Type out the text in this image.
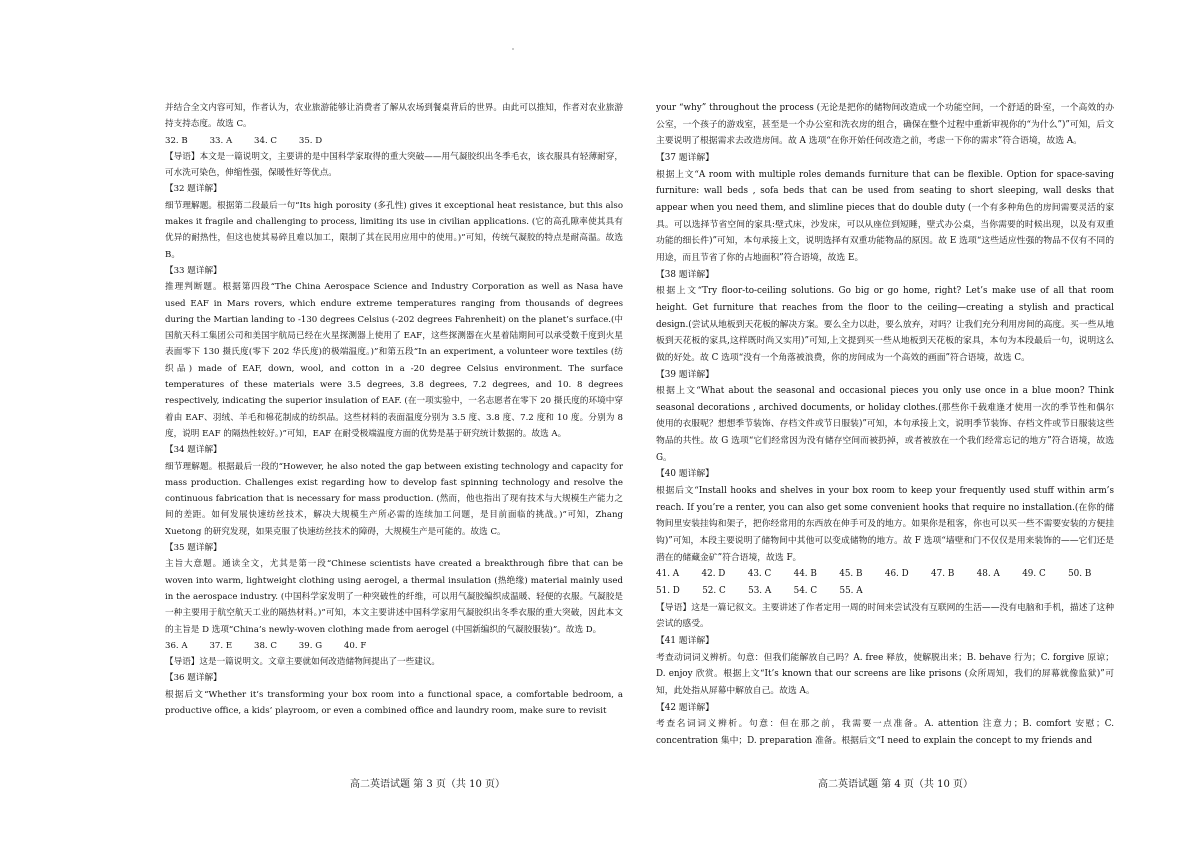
并结合全文内容可知，作者认为，农业旅游能够让消费者了解从农场到餐桌背后的世界。由此可以推知，作者对农业旅游持支持态度。故选 C。

32. B        33. A        34. C        35. D

【导语】本文是一篇说明文，主要讲的是中国科学家取得的重大突破——用气凝胶织出冬季毛衣，该衣服具有轻薄耐穿，可水洗可染色，伸缩性强，保暖性好等优点。

【32 题详解】

细节理解题。根据第二段最后一句“Its high porosity (多孔性) gives it exceptional heat resistance, but this also makes it fragile and challenging to process, limiting its use in civilian applications. (它的高孔隙率使其具有优异的耐热性，但这也使其易碎且难以加工，限制了其在民用应用中的使用。)”可知，传统气凝胶的特点是耐高温。故选 B。

【33 题详解】

推理判断题。根据第四段“The China Aerospace Science and Industry Corporation as well as Nasa have used EAF in Mars rovers, which endure extreme temperatures ranging from thousands of degrees during the Martian landing to -130 degrees Celsius (-202 degrees Fahrenheit) on the planet’s surface.(中国航天科工集团公司和美国宇航局已经在火星探测器上使用了 EAF，这些探测器在火星着陆期间可以承受数千度到火星表面零下 130 摄氏度(零下 202 华氏度)的极端温度。)”和第五段“In an experiment, a volunteer wore textiles (纺织品) made of EAF, down, wool, and cotton in a -20 degree Celsius environment. The surface temperatures of these materials were 3.5 degrees, 3.8 degrees, 7.2 degrees, and 10. 8 degrees respectively, indicating the superior insulation of EAF. (在一项实验中，一名志愿者在零下 20 摄氏度的环境中穿着由 EAF、羽绒、羊毛和棉花制成的纺织品。这些材料的表面温度分别为 3.5 度、3.8 度、7.2 度和 10 度。分别为 8 度，说明 EAF 的隔热性较好。)”可知，EAF 在耐受极端温度方面的优势是基于研究统计数据的。故选 A。

【34 题详解】

细节理解题。根据最后一段的“However, he also noted the gap between existing technology and capacity for mass production. Challenges exist regarding how to develop fast spinning technology and resolve the continuous fabrication that is necessary for mass production. (然而，他也指出了现有技术与大规模生产能力之间的差距。如何发展快速纺丝技术，解决大规模生产所必需的连续加工问题，是目前面临的挑战。)”可知，Zhang Xuetong 的研究发现，如果克服了快速纺丝技术的障碍，大规模生产是可能的。故选 C。

【35 题详解】

主旨大意题。通读全文，尤其是第一段“Chinese scientists have created a breakthrough fibre that can be woven into warm, lightweight clothing using aerogel, a thermal insulation (热绝缘) material mainly used in the aerospace industry. (中国科学家发明了一种突破性的纤维，可以用气凝胶编织成温暖、轻便的衣服。气凝胶是一种主要用于航空航天工业的隔热材料。)”可知，本文主要讲述中国科学家用气凝胶织出冬季衣服的重大突破，因此本文的主旨是 D 选项“China’s newly-woven clothing made from aerogel (中国新编织的气凝胶服装)”。故选 D。

36. A        37. E        38. C        39. G        40. F

【导语】这是一篇说明文。文章主要就如何改造储物间提出了一些建议。

【36 题详解】

根据后文“Whether it’s transforming your box room into a functional space, a comfortable bedroom, a productive office, a kids’ playroom, or even a combined office and laundry room, make sure to revisit

your “why” throughout the process (无论是把你的储物间改造成一个功能空间，一个舒适的卧室，一个高效的办公室，一个孩子的游戏室，甚至是一个办公室和洗衣房的组合，确保在整个过程中重新审视你的“为什么”)”可知，后文主要说明了根据需求去改造房间。故 A 选项“在你开始任何改造之前，考虑一下你的需求”符合语境，故选 A。

【37 题详解】

根据上文“A room with multiple roles demands furniture that can be flexible. Option for space-saving furniture: wall beds , sofa beds that can be used from seating to short sleeping, wall desks that appear when you need them, and slimline pieces that do double duty (一个有多种角色的房间需要灵活的家具。可以选择节省空间的家具:壁式床，沙发床，可以从座位到短睡，壁式办公桌，当你需要的时候出现，以及有双重功能的细长件)”可知，本句承接上文，说明选择有双重功能物品的原因。故 E 选项“这些适应性强的物品不仅有不同的用途，而且节省了你的占地面积”符合语境，故选 E。

【38 题详解】

根据上文“Try floor-to-ceiling solutions. Go big or go home, right? Let’s make use of all that room height. Get furniture that reaches from the floor to the ceiling—creating a stylish and practical design.(尝试从地板到天花板的解决方案。要么全力以赴，要么放弃，对吗？让我们充分利用房间的高度。买一些从地板到天花板的家具,这样既时尚又实用)”可知,上文提到买一些从地板到天花板的家具，本句为本段最后一句，说明这么做的好处。故 C 选项“没有一个角落被浪费，你的房间成为一个高效的画面”符合语境，故选 C。

【39 题详解】

根据上文“What about the seasonal and occasional pieces you only use once in a blue moon? Think seasonal decorations , archived documents, or holiday clothes.(那些你千载难逢才使用一次的季节性和偶尔使用的衣服呢？想想季节装饰、存档文件或节日服装)”可知，本句承接上文，说明季节装饰、存档文件或节日服装这些物品的共性。故 G 选项“它们经常因为没有储存空间而被扔掉，或者被放在一个我们经常忘记的地方”符合语境，故选 G。

【40 题详解】

根据后文“Install hooks and shelves in your box room to keep your frequently used stuff within arm’s reach. If you’re a renter, you can also get some convenient hooks that require no installation.(在你的储物间里安装挂钩和架子，把你经常用的东西放在伸手可及的地方。如果你是租客，你也可以买一些不需要安装的方便挂钩)”可知，本段主要说明了储物间中其他可以变成储物的地方。故 F 选项“墙壁和门不仅仅是用来装饰的——它们还是潜在的储藏金矿”符合语境，故选 F。

41. A        42. D        43. C        44. B        45. B        46. D        47. B        48. A        49. C        50. B

51. D        52. C        53. A        54. C        55. A

【导语】这是一篇记叙文。主要讲述了作者定用一周的时间来尝试没有互联网的生活——没有电脑和手机，描述了这种尝试的感受。

【41 题详解】

考查动词词义辨析。句意：但我们能解放自己吗？A. free 释放，使解脱出来；B. behave 行为；C. forgive 原谅；D. enjoy 欣赏。根据上文“It’s known that our screens are like prisons (众所周知，我们的屏幕就像监狱)”可知，此处指从屏幕中解放自己。故选 A。

【42 题详解】

考查名词词义辨析。句意：但在那之前，我需要一点准备。A. attention 注意力；B. comfort 安慰；C. concentration 集中；D. preparation 准备。根据后文“I need to explain the concept to my friends and

高二英语试题 第 3 页（共 10 页）	高二英语试题 第 4 页（共 10 页）
